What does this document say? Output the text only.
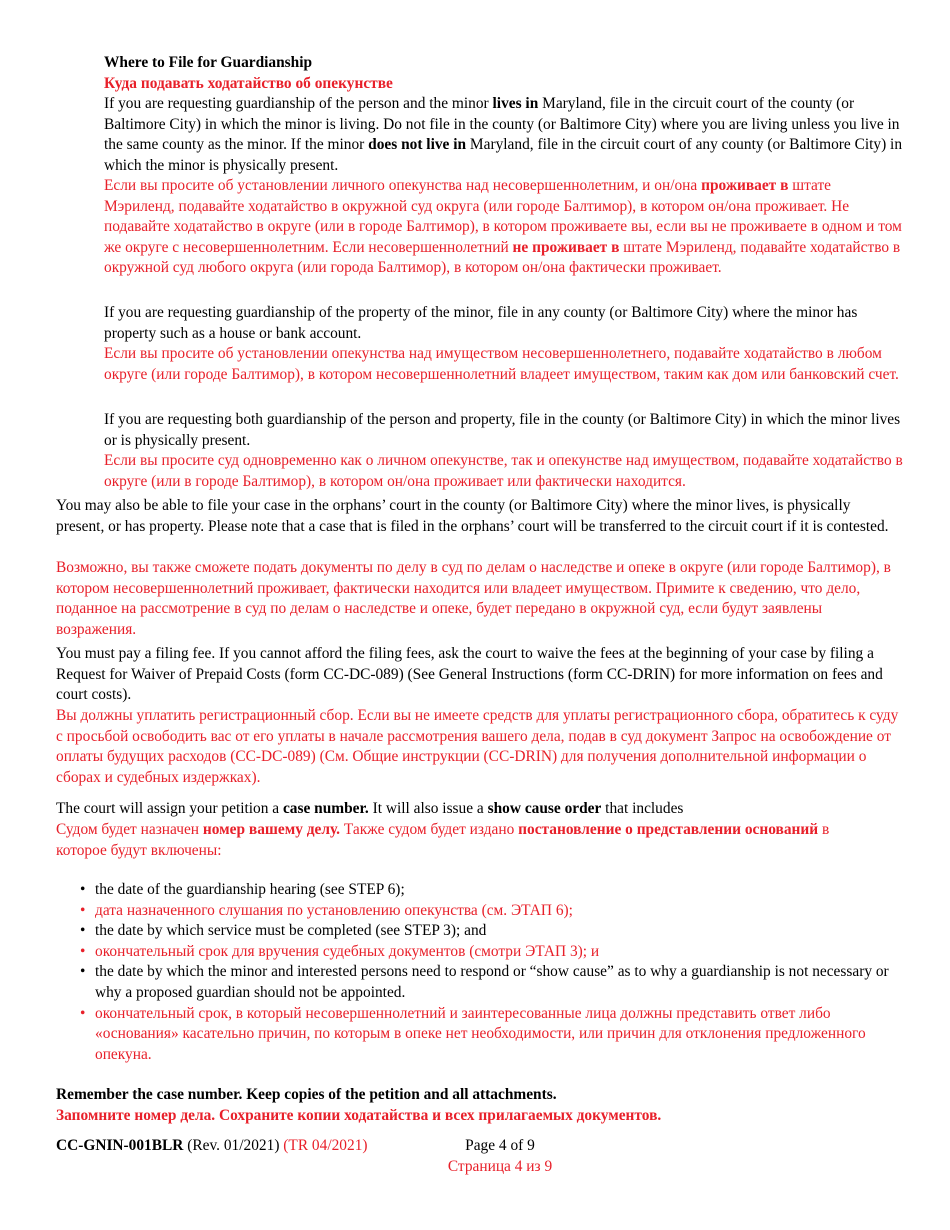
Where to File for Guardianship
Куда подавать ходатайство об опекунстве

If you are requesting guardianship of the person and the minor lives in Maryland, file in the circuit court of the county (or Baltimore City) in which the minor is living. Do not file in the county (or Baltimore City) where you are living unless you live in the same county as the minor. If the minor does not live in Maryland, file in the circuit court of any county (or Baltimore City) in which the minor is physically present.

Если вы просите об установлении личного опекунства над несовершеннолетним, и он/она проживает в штате Мэриленд, подавайте ходатайство в окружной суд округа (или городе Балтимор), в котором он/она проживает. Не подавайте ходатайство в округе (или в городе Балтимор), в котором проживаете вы, если вы не проживаете в одном и том же округе с несовершеннолетним. Если несовершеннолетний не проживает в штате Мэриленд, подавайте ходатайство в окружной суд любого округа (или города Балтимор), в котором он/она фактически проживает.

If you are requesting guardianship of the property of the minor, file in any county (or Baltimore City) where the minor has property such as a house or bank account.

Если вы просите об установлении опекунства над имуществом несовершеннолетнего, подавайте ходатайство в любом округе (или городе Балтимор), в котором несовершеннолетний владеет имуществом, таким как дом или банковский счет.

If you are requesting both guardianship of the person and property, file in the county (or Baltimore City) in which the minor lives or is physically present.

Если вы просите суд одновременно как о личном опекунстве, так и опекунстве над имуществом, подавайте ходатайство в округе (или в городе Балтимор), в котором он/она проживает или фактически находится.

You may also be able to file your case in the orphans’ court in the county (or Baltimore City) where the minor lives, is physically present, or has property. Please note that a case that is filed in the orphans’ court will be transferred to the circuit court if it is contested.

Возможно, вы также сможете подать документы по делу в суд по делам о наследстве и опеке в округе (или городе Балтимор), в котором несовершеннолетний проживает, фактически находится или владеет имуществом. Примите к сведению, что дело, поданное на рассмотрение в суд по делам о наследстве и опеке, будет передано в окружной суд, если будут заявлены возражения.

You must pay a filing fee. If you cannot afford the filing fees, ask the court to waive the fees at the beginning of your case by filing a Request for Waiver of Prepaid Costs (form CC-DC-089) (See General Instructions (form CC-DRIN) for more information on fees and court costs).

Вы должны уплатить регистрационный сбор. Если вы не имеете средств для уплаты регистрационного сбора, обратитесь к суду с просьбой освободить вас от его уплаты в начале рассмотрения вашего дела, подав в суд документ Запрос на освобождение от оплаты будущих расходов (CC-DC-089) (См. Общие инструкции (CC-DRIN) для получения дополнительной информации о сборах и судебных издержках).

The court will assign your petition a case number. It will also issue a show cause order that includes

Судом будет назначен номер вашему делу. Также судом будет издано постановление о представлении оснований в которое будут включены:

• the date of the guardianship hearing (see STEP 6);
• дата назначенного слушания по установлению опекунства (см. ЭТАП 6);
• the date by which service must be completed (see STEP 3); and
• окончательный срок для вручения судебных документов (смотри ЭТАП 3); и
• the date by which the minor and interested persons need to respond or “show cause” as to why a guardianship is not necessary or why a proposed guardian should not be appointed.
• окончательный срок, в который несовершеннолетний и заинтересованные лица должны представить ответ либо «основания» касательно причин, по которым в опеке нет необходимости, или причин для отклонения предложенного опекуна.
Remember the case number. Keep copies of the petition and all attachments.
Запомните номер дела. Сохраните копии ходатайства и всех прилагаемых документов.
CC-GNIN-001BLR (Rev. 01/2021) (TR 04/2021)	Page 4 of 9
Страница 4 из 9
